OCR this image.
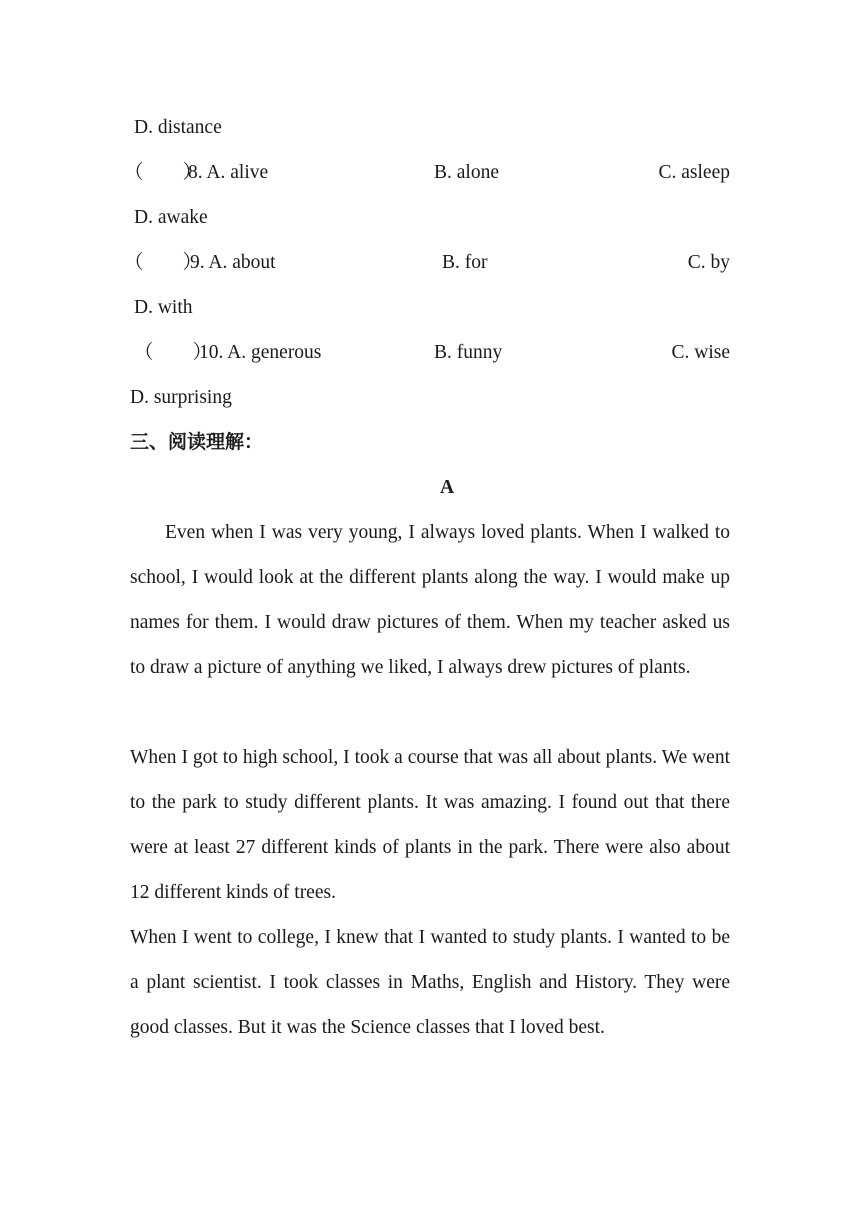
D. distance
（　　）
8. A. alive	B. alone	C. asleep
D. awake
（　　）
9. A. about	B. for	C. by
D. with
（　　）
10. A. generous	B. funny	C. wise
D. surprising
三、阅读理解：
A
Even when I was very young, I always loved plants. When I walked to school, I would look at the different plants along the way. I would make up names for them. I would draw pictures of them. When my teacher asked us to draw a picture of anything we liked, I always drew pictures of plants.
When I got to high school, I took a course that was all about plants. We went to the park to study different plants. It was amazing. I found out that there were at least 27 different kinds of plants in the park. There were also about 12 different kinds of trees.
When I went to college, I knew that I wanted to study plants. I wanted to be a plant scientist. I took classes in Maths, English and History. They were good classes. But it was the Science classes that I loved best.
